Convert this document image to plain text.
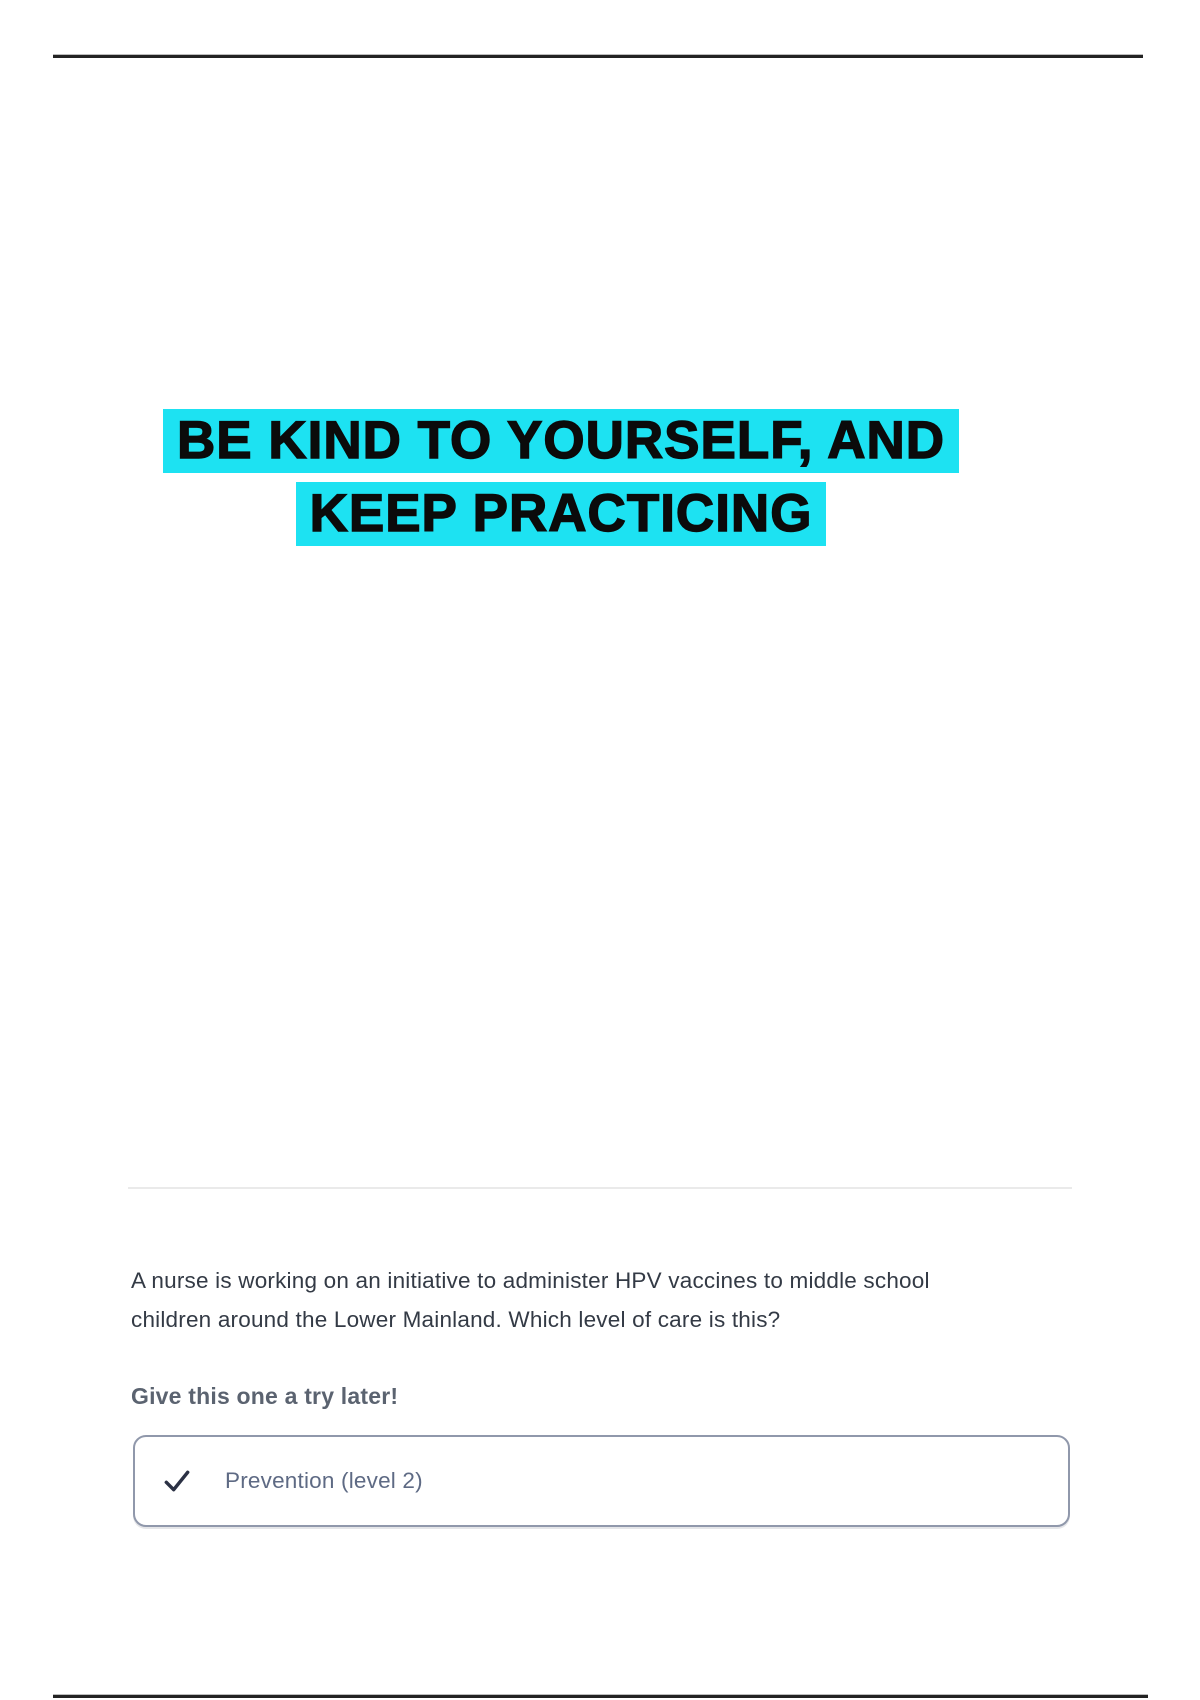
BE KIND TO YOURSELF, AND
KEEP PRACTICING
A nurse is working on an initiative to administer HPV vaccines to middle school
children around the Lower Mainland. Which level of care is this?
Give this one a try later!
Prevention (level 2)
